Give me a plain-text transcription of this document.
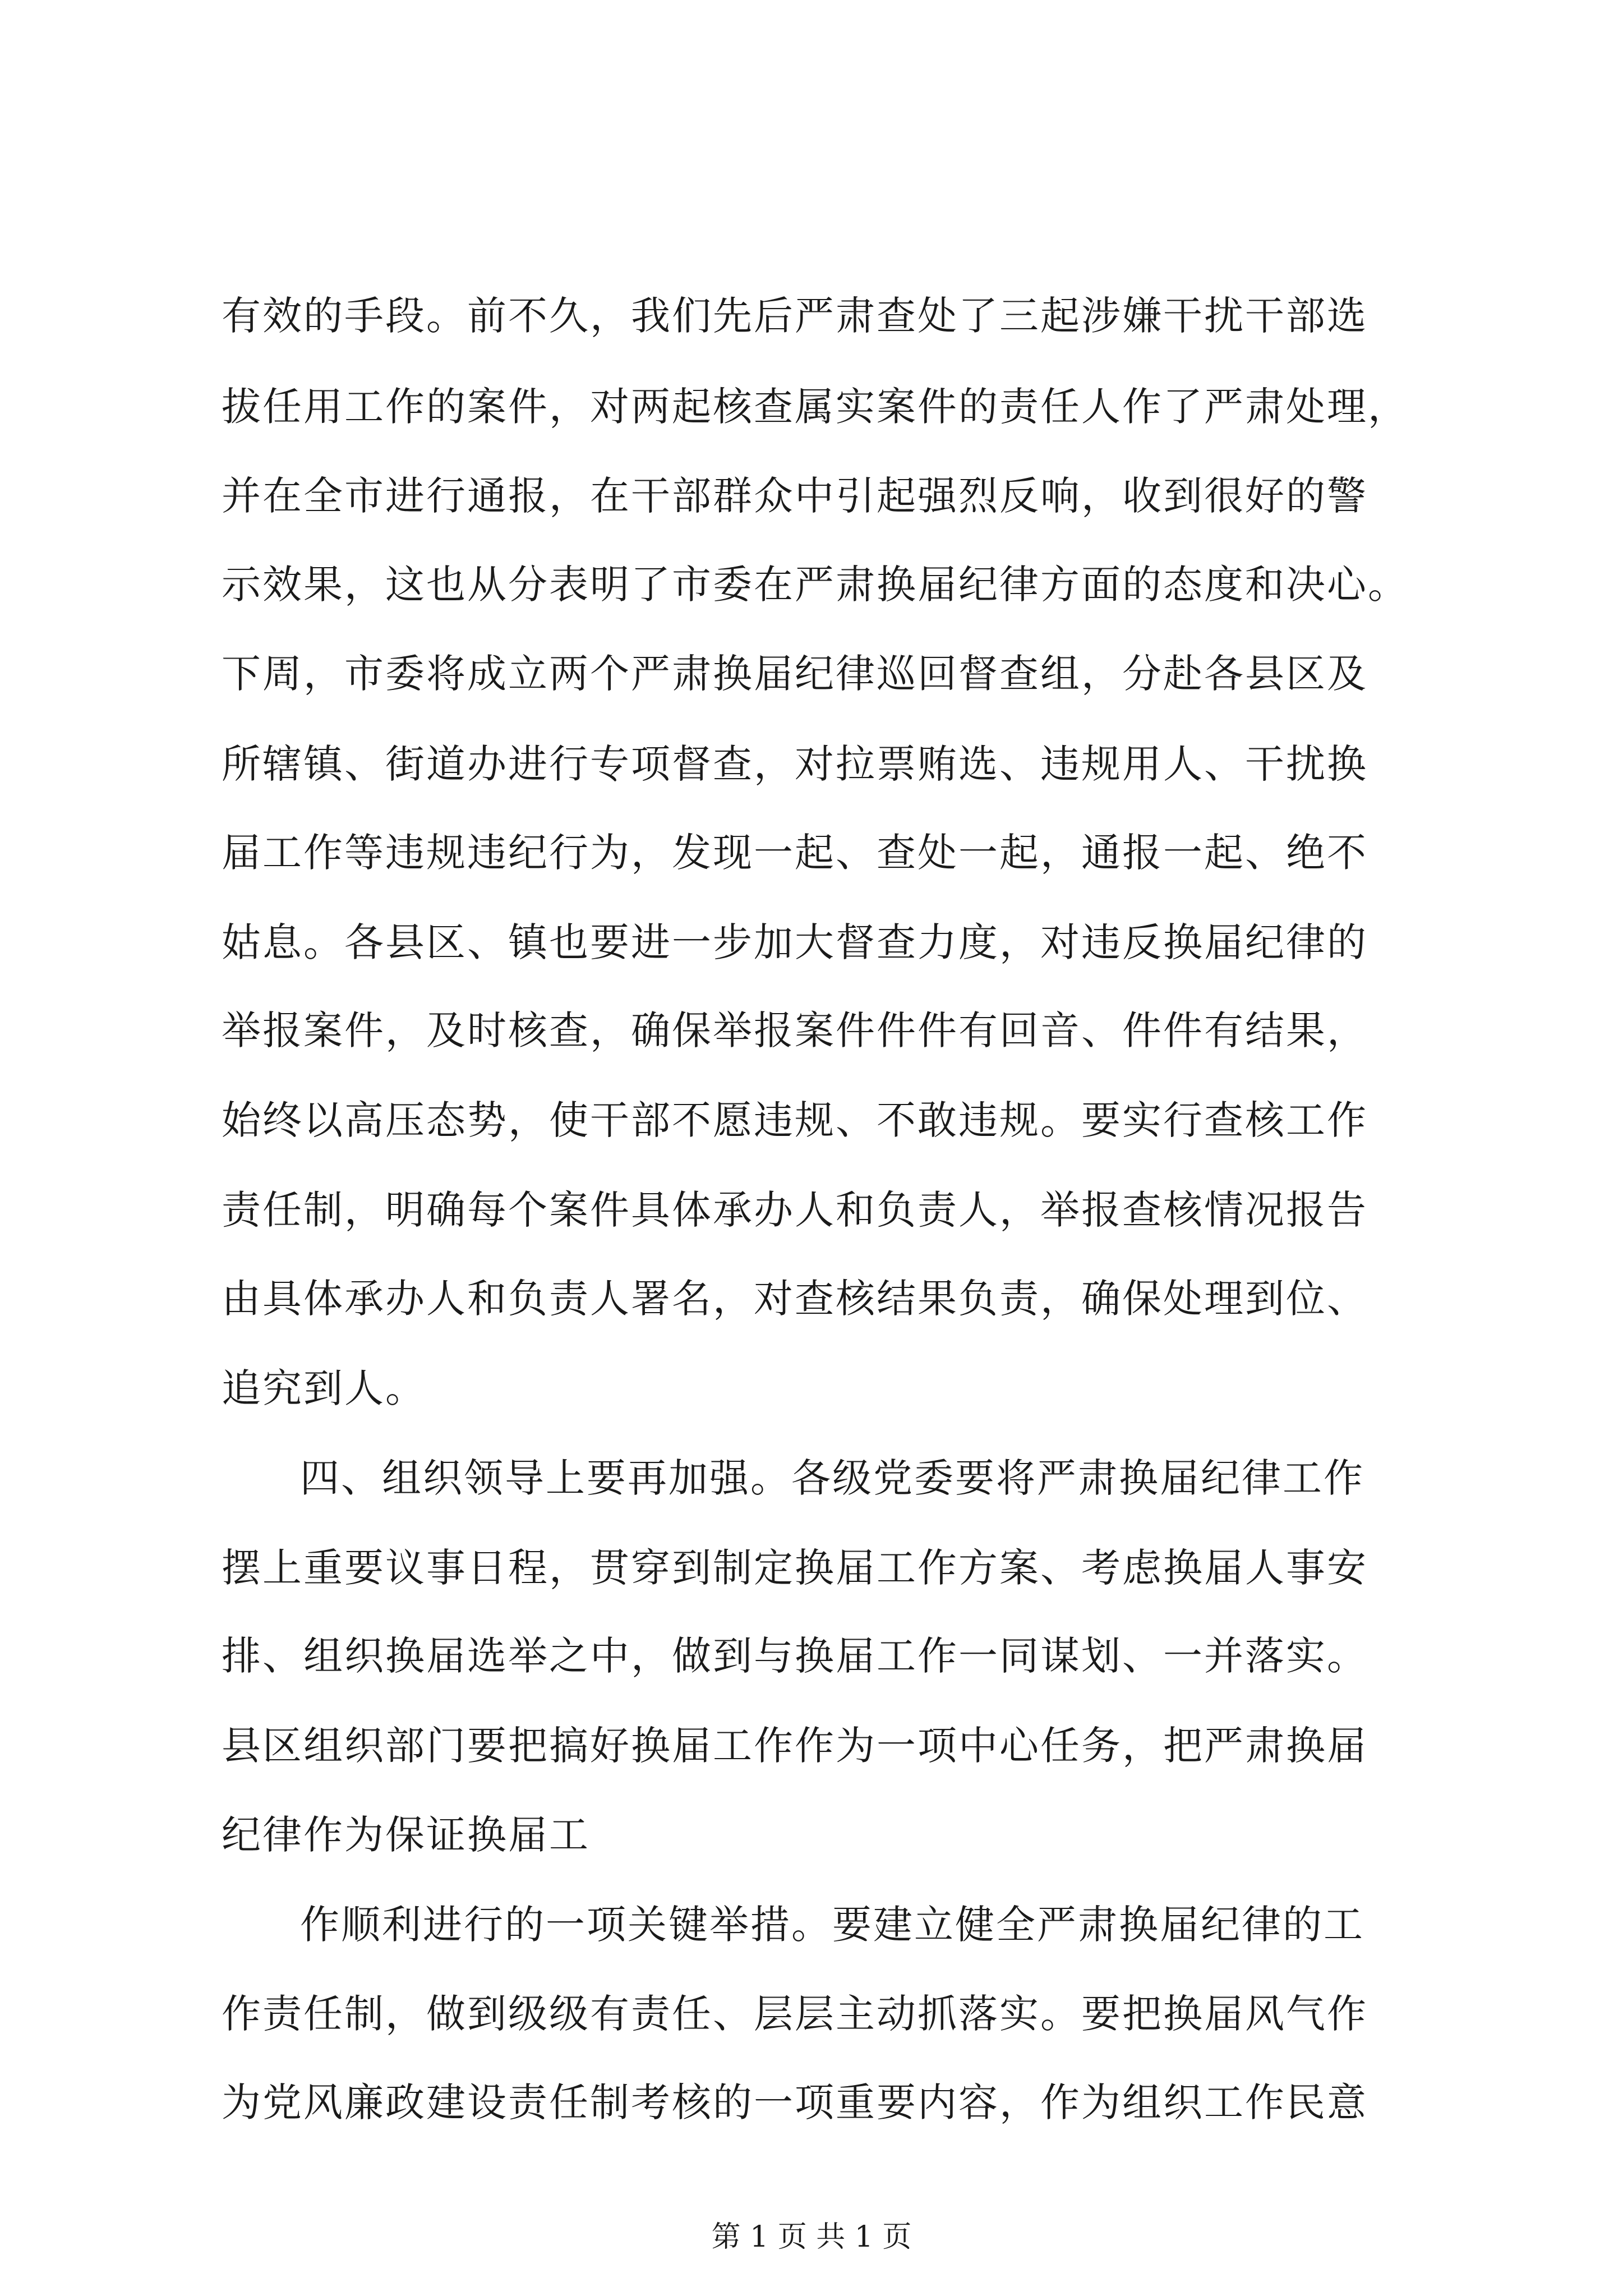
有效的手段。前不久，我们先后严肃查处了三起涉嫌干扰干部选
拔任用工作的案件，对两起核查属实案件的责任人作了严肃处理，
并在全市进行通报，在干部群众中引起强烈反响，收到很好的警
示效果，这也从分表明了市委在严肃换届纪律方面的态度和决心。
下周，市委将成立两个严肃换届纪律巡回督查组，分赴各县区及
所辖镇、街道办进行专项督查，对拉票贿选、违规用人、干扰换
届工作等违规违纪行为，发现一起、查处一起，通报一起、绝不
姑息。各县区、镇也要进一步加大督查力度，对违反换届纪律的
举报案件，及时核查，确保举报案件件件有回音、件件有结果，
始终以高压态势，使干部不愿违规、不敢违规。要实行查核工作
责任制，明确每个案件具体承办人和负责人，举报查核情况报告
由具体承办人和负责人署名，对查核结果负责，确保处理到位、
追究到人。
四、组织领导上要再加强。各级党委要将严肃换届纪律工作
摆上重要议事日程，贯穿到制定换届工作方案、考虑换届人事安
排、组织换届选举之中，做到与换届工作一同谋划、一并落实。
县区组织部门要把搞好换届工作作为一项中心任务，把严肃换届
纪律作为保证换届工
作顺利进行的一项关键举措。要建立健全严肃换届纪律的工
作责任制，做到级级有责任、层层主动抓落实。要把换届风气作
为党风廉政建设责任制考核的一项重要内容，作为组织工作民意
第 1 页 共 1 页
